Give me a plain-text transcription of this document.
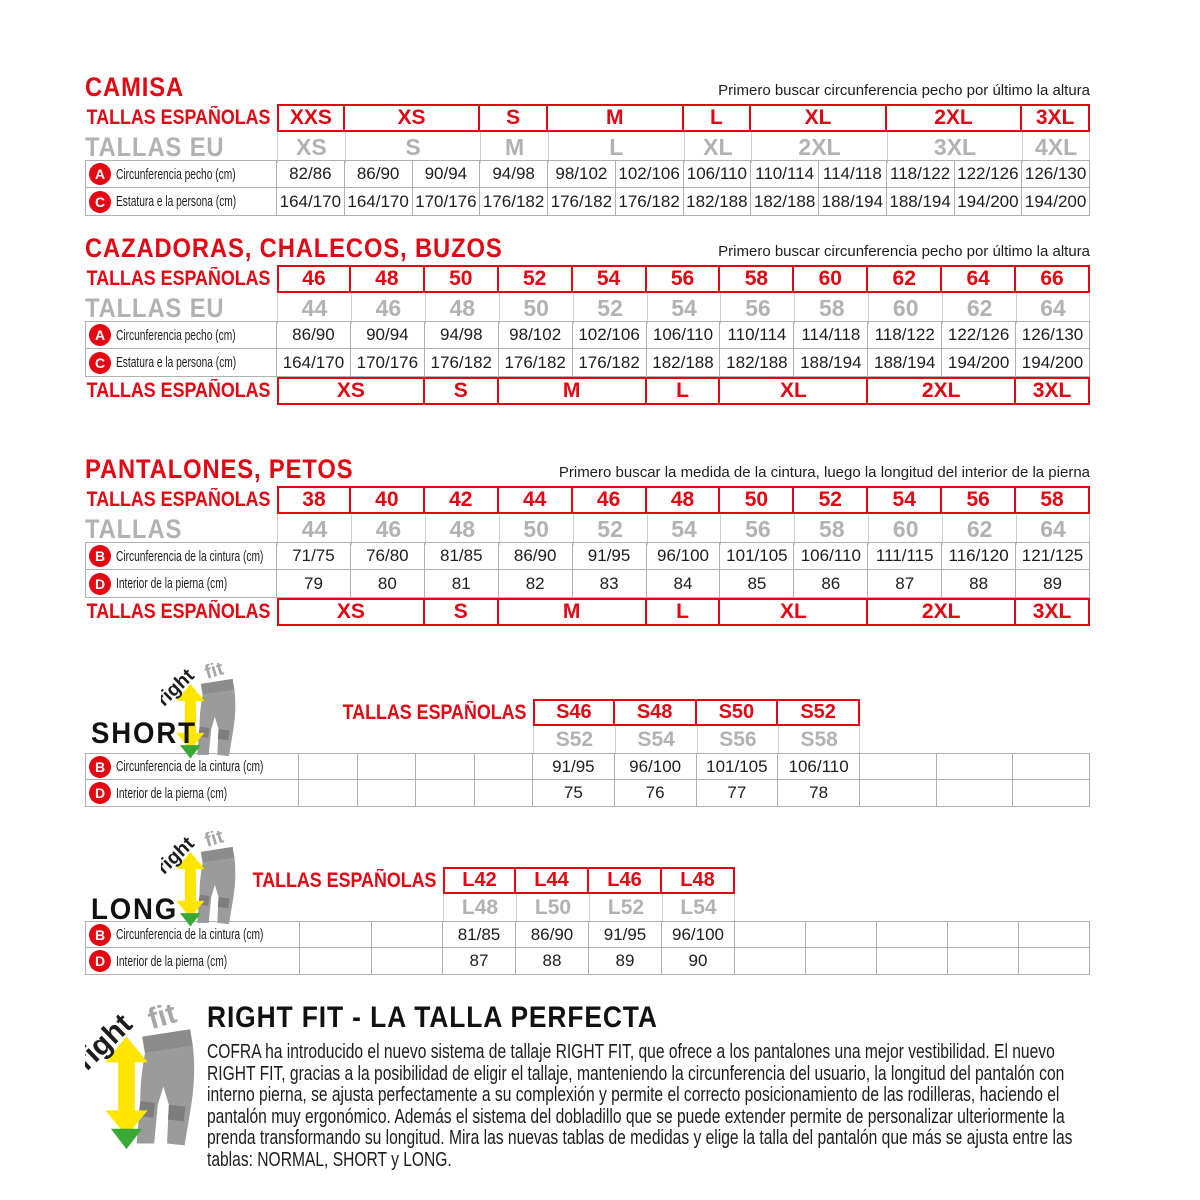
CAMISA	Primero buscar circunferencia pecho por último la altura
TALLAS ESPAÑOLAS XXS	XS	S	M	L	XL	2XL	3XL
TALLAS EU	XS	S	M	L	XL	2XL	3XL	4XL
A Circunferencia pecho (cm)	82/86	86/90	90/94	94/98	98/102 102/106 106/110 110/114 114/118 118/122 122/126 126/130
C Estatura e la persona (cm)	164/170 164/170 170/176 176/182 176/182 176/182 182/188 182/188 188/194 188/194 194/200 194/200
CAZADORAS, CHALECOS, BUZOS	Primero buscar circunferencia pecho por último la altura
TALLAS ESPAÑOLAS	46	48	50	52	54	56	58	60	62	64	66
TALLAS EU	44	46	48	50	52	54	56	58	60	62	64
A Circunferencia pecho (cm)	86/90	90/94	94/98	98/102	102/106 106/110 110/114 114/118 118/122 122/126 126/130
C Estatura e la persona (cm)	164/170 170/176 176/182 176/182 176/182 182/188 182/188 188/194 188/194 194/200 194/200
TALLAS ESPAÑOLAS	XS	S	M	L	XL	2XL	3XL
PANTALONES, PETOS	Primero buscar la medida de la cintura, luego la longitud del interior de la pierna
TALLAS ESPAÑOLAS	38	40	42	44	46	48	50	52	54	56	58
TALLAS	44	46	48	50	52	54	56	58	60	62	64
B Circunferencia de la cintura (cm)	71/75	76/80	81/85	86/90	91/95	96/100	101/105 106/110 111/115 116/120 121/125
D Interior de la pierna (cm)	79	80	81	82	83	84	85	86	87	88	89
TALLAS ESPAÑOLAS	XS	S	M	L	XL	2XL	3XL
SHORT
TALLAS ESPAÑOLAS	S46	S48	S50	S52
S52	S54	S56	S58
B Circunferencia de la cintura (cm)	91/95	96/100	101/105	106/110
D Interior de la pierna (cm)	75	76	77	78
LONG
TALLAS ESPAÑOLAS	L42	L44	L46	L48
L48	L50	L52	L54
B Circunferencia de la cintura (cm)	81/85	86/90	91/95	96/100
D Interior de la pierna (cm)	87	88	89	90
RIGHT FIT - LA TALLA PERFECTA

COFRA ha introducido el nuevo sistema de tallaje RIGHT FIT, que ofrece a los pantalones una mejor vestibilidad. El nuevo RIGHT FIT, gracias a la posibilidad de eligir el tallaje, manteniendo la circunferencia del usuario, la longitud del pantalón con interno pierna, se ajusta perfectamente a su complexión y permite el correcto posicionamiento de las rodilleras, haciendo el pantalón muy ergonómico. Además el sistema del dobladillo que se puede extender permite de personalizar ulteriormente la prenda transformando su longitud. Mira las nuevas tablas de medidas y elige la talla del pantalón que más se ajusta entre las tablas: NORMAL, SHORT y LONG.
